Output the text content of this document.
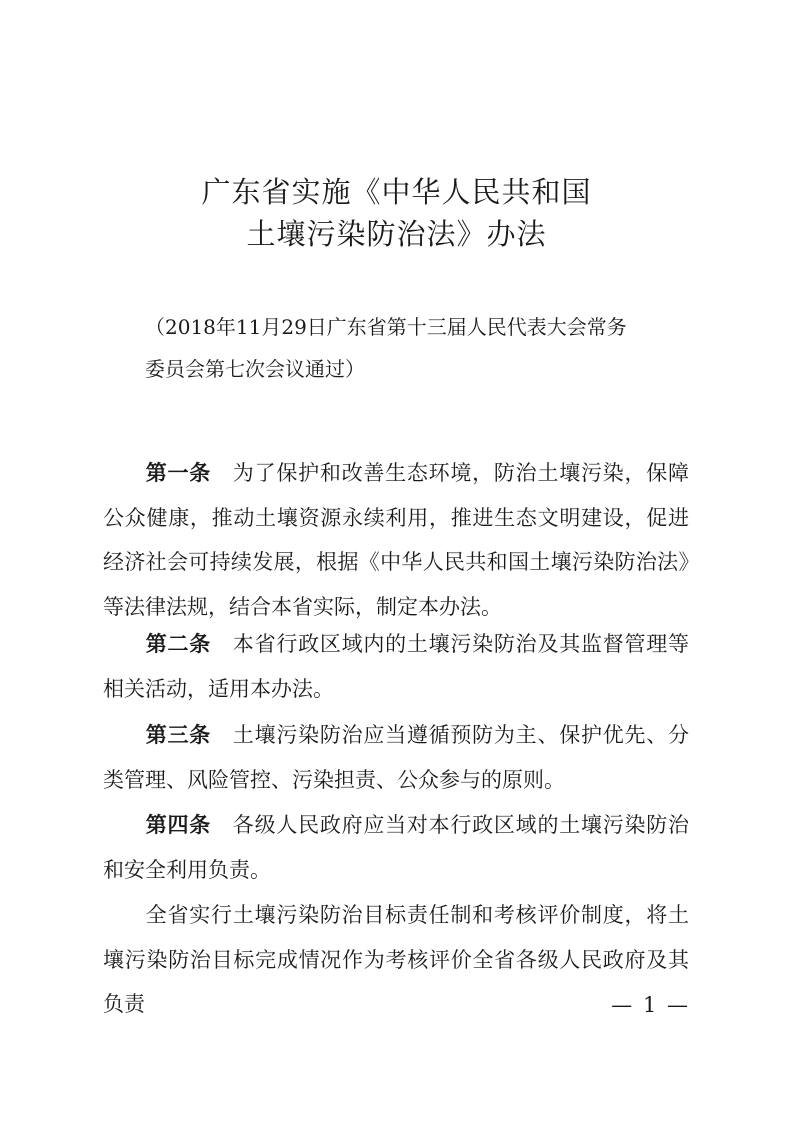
广东省实施《中华人民共和国
土壤污染防治法》办法
（2018年11月29日广东省第十三届人民代表大会常务
委员会第七次会议通过）
第一条 为了保护和改善生态环境，防治土壤污染，保障公众健康，推动土壤资源永续利用，推进生态文明建设，促进经济社会可持续发展，根据《中华人民共和国土壤污染防治法》等法律法规，结合本省实际，制定本办法。
第二条 本省行政区域内的土壤污染防治及其监督管理等相关活动，适用本办法。
第三条 土壤污染防治应当遵循预防为主、保护优先、分类管理、风险管控、污染担责、公众参与的原则。
第四条 各级人民政府应当对本行政区域的土壤污染防治和安全利用负责。
全省实行土壤污染防治目标责任制和考核评价制度，将土壤污染防治目标完成情况作为考核评价全省各级人民政府及其负责	— 1 —
